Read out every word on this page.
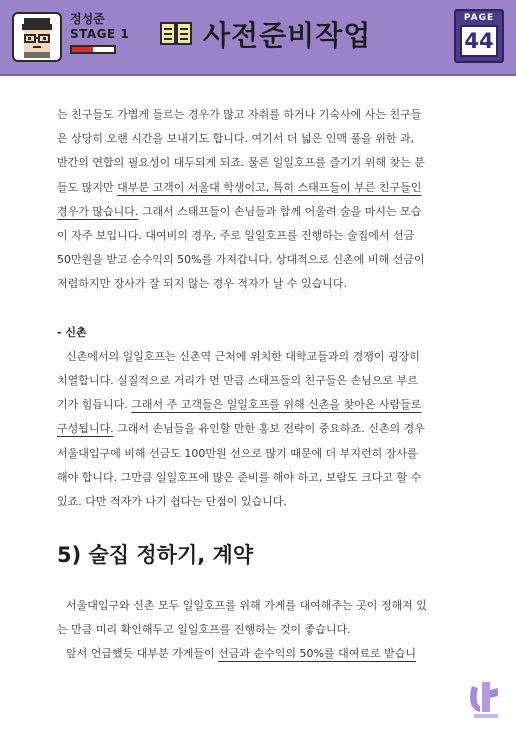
정성준
STAGE 1	사전준비작업
PAGE
44
는 친구들도 가볍게 들르는 경우가 많고 자취를 하거나 기숙사에 사는 친구들
은 상당히 오랜 시간을 보내기도 합니다. 여기서 더 넓은 인맥 풀을 위한 과,
반간의 연합의 필요성이 대두되게 되죠. 물론 일일호프를 즐기기 위해 찾는 분
들도 많지만 대부분 고객이 서울대 학생이고, 특히 스태프들이 부른 친구들인
경우가 많습니다. 그래서 스태프들이 손님들과 함께 어울려 술을 마시는 모습
이 자주 보입니다. 대여비의 경우, 주로 일일호프를 진행하는 술집에서 선금
50만원을 받고 순수익의 50%를 가져갑니다. 상대적으로 신촌에 비해 선금이
저렴하지만 장사가 잘 되지 않는 경우 적자가 날 수 있습니다.
- 신촌
신촌에서의 일일호프는 신촌역 근처에 위치한 대학교들과의 경쟁이 굉장히
치열합니다. 실질적으로 거리가 먼 만큼 스태프들의 친구들은 손님으로 부르
기가 힘듭니다. 그래서 주 고객들은 일일호프를 위해 신촌을 찾아온 사람들로
구성됩니다. 그래서 손님들을 유인할 만한 홍보 전략이 중요하죠. 신촌의 경우
서울대입구에 비해 선금도 100만원 선으로 많기 때문에 더 부지런히 장사를
해야 합니다. 그만큼 일일호프에 많은 준비를 해야 하고, 보람도 크다고 할 수
있죠. 다만 적자가 나기 쉽다는 단점이 있습니다.
5) 술집 정하기, 계약
서울대입구와 신촌 모두 일일호프를 위해 가게를 대여해주는 곳이 정해져 있
는 만큼 미리 확인해두고 일일호프를 진행하는 것이 좋습니다.
앞서 언급했듯 대부분 가게들이 선금과 순수익의 50%를 대여료로 받습니
